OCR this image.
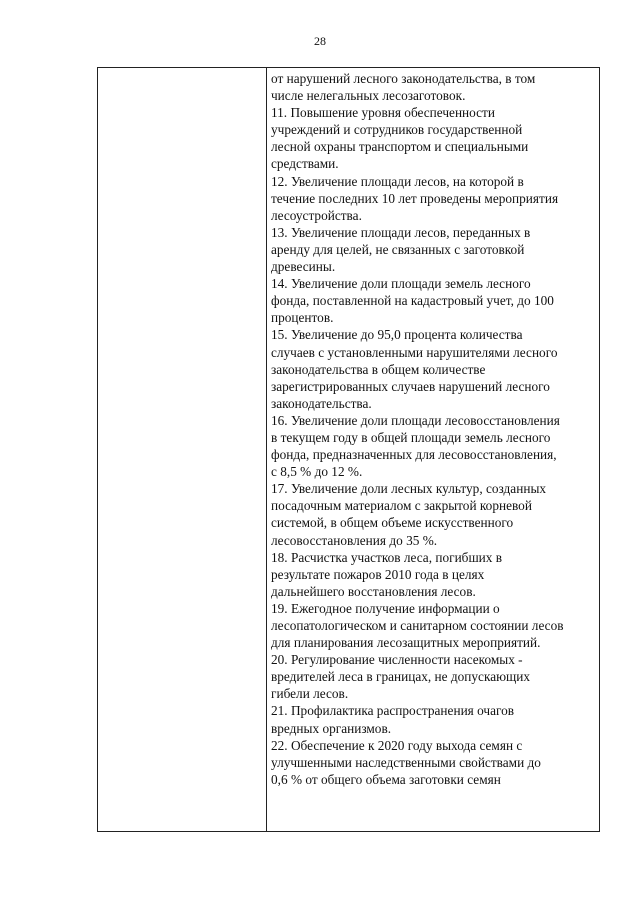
28
от нарушений лесного законодательства, в том
числе нелегальных лесозаготовок.
11. Повышение уровня обеспеченности
учреждений и сотрудников государственной
лесной охраны транспортом и специальными
средствами.
12. Увеличение площади лесов, на которой в
течение последних 10 лет проведены мероприятия
лесоустройства.
13. Увеличение площади лесов, переданных в
аренду для целей, не связанных с заготовкой
древесины.
14. Увеличение доли площади земель лесного
фонда, поставленной на кадастровый учет, до 100
процентов.
15. Увеличение до 95,0 процента количества
случаев с установленными нарушителями лесного
законодательства в общем количестве
зарегистрированных случаев нарушений лесного
законодательства.
16. Увеличение доли площади лесовосстановления
в текущем году в общей площади земель лесного
фонда, предназначенных для лесовосстановления,
с 8,5 % до 12 %.
17. Увеличение доли лесных культур, созданных
посадочным материалом с закрытой корневой
системой, в общем объеме искусственного
лесовосстановления до 35 %.
18. Расчистка участков леса, погибших в
результате пожаров 2010 года в целях
дальнейшего восстановления лесов.
19. Ежегодное получение информации о
лесопатологическом и санитарном состоянии лесов
для планирования лесозащитных мероприятий.
20. Регулирование численности насекомых -
вредителей леса в границах, не допускающих
гибели лесов.
21. Профилактика распространения очагов
вредных организмов.
22. Обеспечение к 2020 году выхода семян с
улучшенными наследственными свойствами до
0,6 % от общего объема заготовки семян
